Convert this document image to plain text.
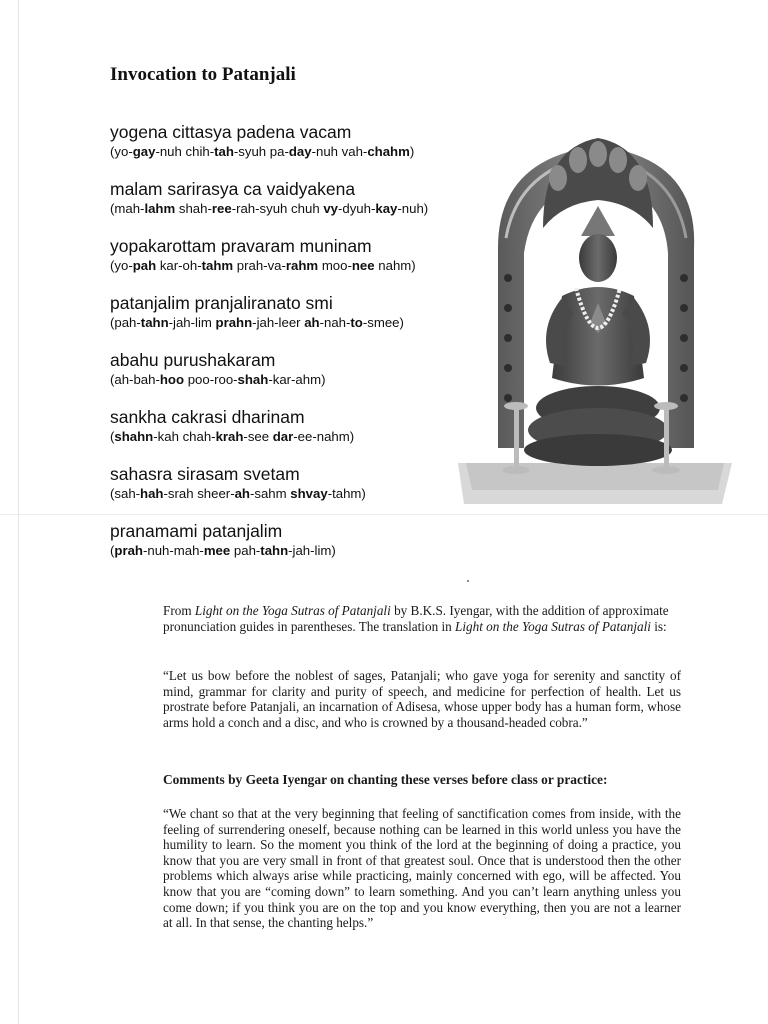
Invocation to Patanjali
yogena cittasya padena vacam
(yo-gay-nuh chih-tah-syuh pa-day-nuh vah-chahm)
malam sarirasya ca vaidyakena
(mah-lahm shah-ree-rah-syuh chuh vy-dyuh-kay-nuh)
yopakarottam pravaram muninam
(yo-pah kar-oh-tahm prah-va-rahm moo-nee nahm)
patanjalim pranjaliranato smi
(pah-tahn-jah-lim prahn-jah-leer ah-nah-to-smee)
abahu purushakaram
(ah-bah-hoo poo-roo-shah-kar-ahm)
sankha cakrasi dharinam
(shahn-kah chah-krah-see dar-ee-nahm)
sahasra sirasam svetam
(sah-hah-srah sheer-ah-sahm shvay-tahm)
pranamami patanjalim
(prah-nuh-mah-mee pah-tahn-jah-lim)
From Light on the Yoga Sutras of Patanjali by B.K.S. Iyengar, with the addition of approximate pronunciation guides in parentheses. The translation in Light on the Yoga Sutras of Patanjali is:
“Let us bow before the noblest of sages, Patanjali; who gave yoga for serenity and sanctity of mind, grammar for clarity and purity of speech, and medicine for perfection of health. Let us prostrate before Patanjali, an incarnation of Adisesa, whose upper body has a human form, whose arms hold a conch and a disc, and who is crowned by a thousand-headed cobra.”
Comments by Geeta Iyengar on chanting these verses before class or practice:
“We chant so that at the very beginning that feeling of sanctification comes from inside, with the feeling of surrendering oneself, because nothing can be learned in this world unless you have the humility to learn. So the moment you think of the lord at the beginning of doing a practice, you know that you are very small in front of that greatest soul. Once that is understood then the other problems which always arise while practicing, mainly concerned with ego, will be affected. You know that you are “coming down” to learn something. And you can’t learn anything unless you come down; if you think you are on the top and you know everything, then you are not a learner at all. In that sense, the chanting helps.”
